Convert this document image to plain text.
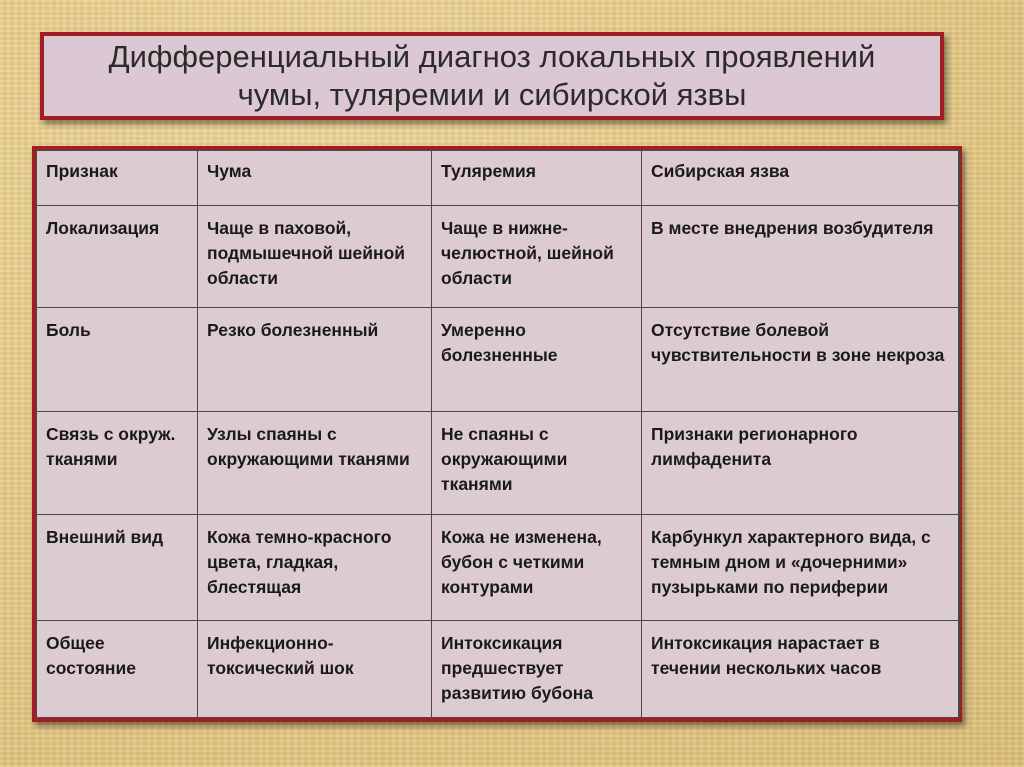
Дифференциальный диагноз локальных проявлений
чумы, туляремии и сибирской язвы
Признак	Чума	Туляремия	Сибирская язва
Локализация	Чаще в паховой, подмышечной шейной области	Чаще в нижне-челюстной, шейной области	В месте внедрения возбудителя
Боль	Резко болезненный	Умеренно болезненные	Отсутствие болевой чувствительности в зоне некроза
Связь с окруж. тканями	Узлы спаяны с окружающими тканями	Не спаяны с окружающими тканями	Признаки регионарного лимфаденита
Внешний вид	Кожа темно-красного цвета, гладкая, блестящая	Кожа не изменена, бубон с четкими контурами	Карбункул характерного вида, с темным дном и «дочерними» пузырьками по периферии
Общее состояние	Инфекционно-токсический шок	Интоксикация предшествует развитию бубона	Интоксикация нарастает в течении нескольких часов
